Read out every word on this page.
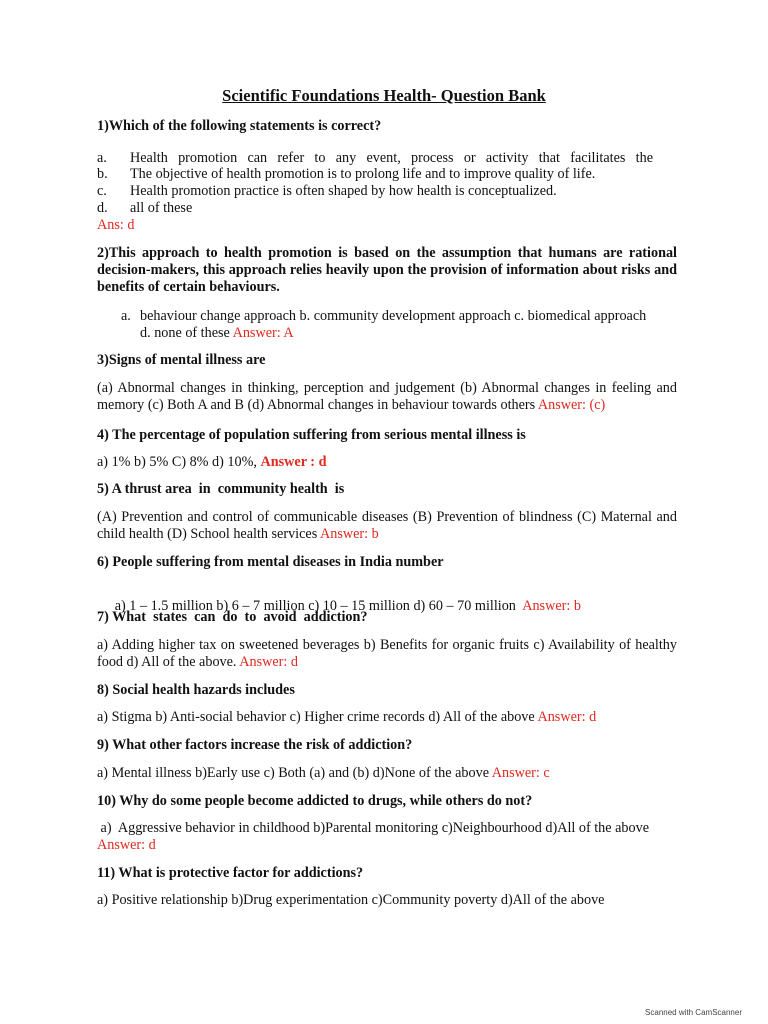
Scientific Foundations Health- Question Bank
1)Which of the following statements is correct?
a. Health promotion can refer to any event, process or activity that facilitates the
b. The objective of health promotion is to prolong life and to improve quality of life.
c. Health promotion practice is often shaped by how health is conceptualized.
d. all of these
Ans: d
2)This approach to health promotion is based on the assumption that humans are rational decision-makers, this approach relies heavily upon the provision of information about risks and benefits of certain behaviours.
a. behaviour change approach b. community development approach c. biomedical approach
d. none of these Answer: A
3)Signs of mental illness are
(a) Abnormal changes in thinking, perception and judgement (b) Abnormal changes in feeling and memory (c) Both A and B (d) Abnormal changes in behaviour towards others Answer: (c)
4) The percentage of population suffering from serious mental illness is
a) 1% b) 5% C) 8% d) 10%, Answer : d
5) A thrust area  in  community health  is
(A) Prevention and control of communicable diseases (B) Prevention of blindness (C) Maternal and child health (D) School health services Answer: b
6) People suffering from mental diseases in India number

a) 1 – 1.5 million b) 6 – 7 million c) 10 – 15 million d) 60 – 70 million  Answer: b

7) What  states  can  do  to  avoid  addiction?
a) Adding higher tax on sweetened beverages b) Benefits for organic fruits c) Availability of healthy food d) All of the above. Answer: d
8) Social health hazards includes
a) Stigma b) Anti-social behavior c) Higher crime records d) All of the above Answer: d
9) What other factors increase the risk of addiction?
a) Mental illness b)Early use c) Both (a) and (b) d)None of the above Answer: c
10) Why do some people become addicted to drugs, while others do not?
a)  Aggressive behavior in childhood b)Parental monitoring c)Neighbourhood d)All of the above
Answer: d
11) What is protective factor for addictions?
a) Positive relationship b)Drug experimentation c)Community poverty d)All of the above
Scanned with CamScanner
